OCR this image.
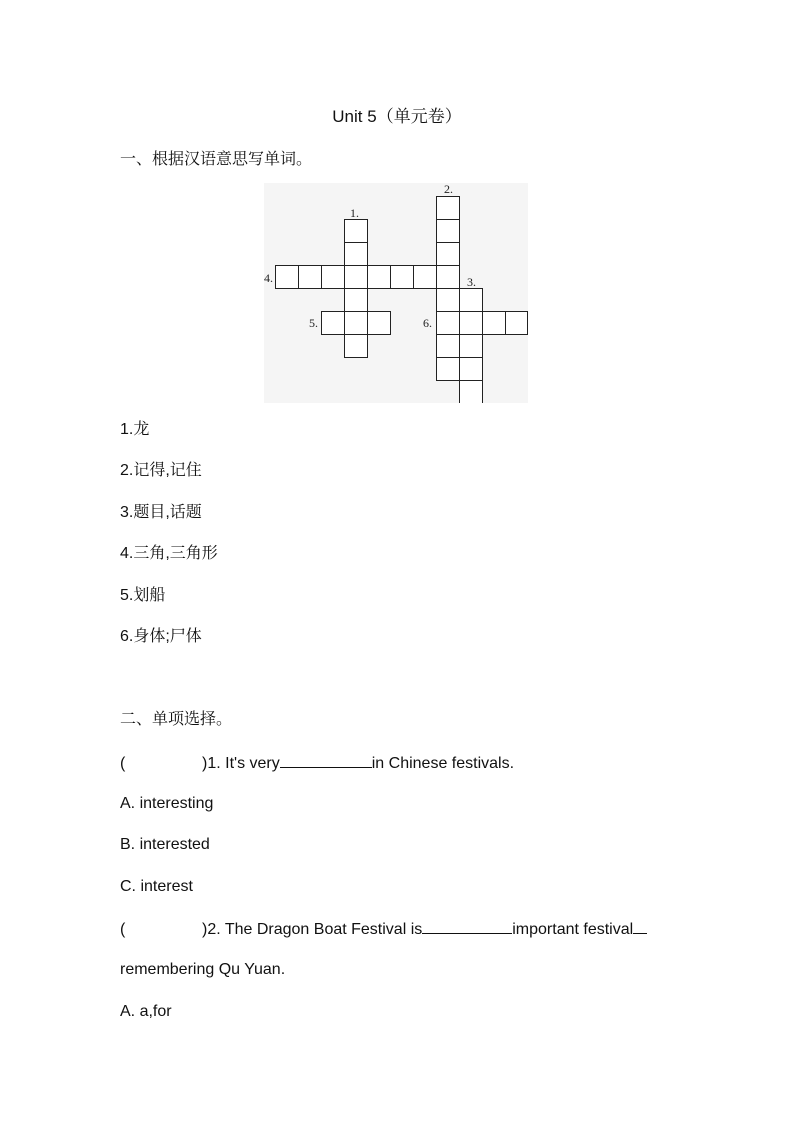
Unit 5（单元卷）
一、根据汉语意思写单词。
1.
2.
3.
4.
5.	6.
1.龙
2.记得,记住
3.题目,话题
4.三角,三角形
5.划船
6.身体;尸体
二、单项选择。
(	)1. It's very	in Chinese festivals.
A. interesting
B. interested
C. interest
(	)2. The Dragon Boat Festival is	important festival
remembering Qu Yuan.
A. a,for
